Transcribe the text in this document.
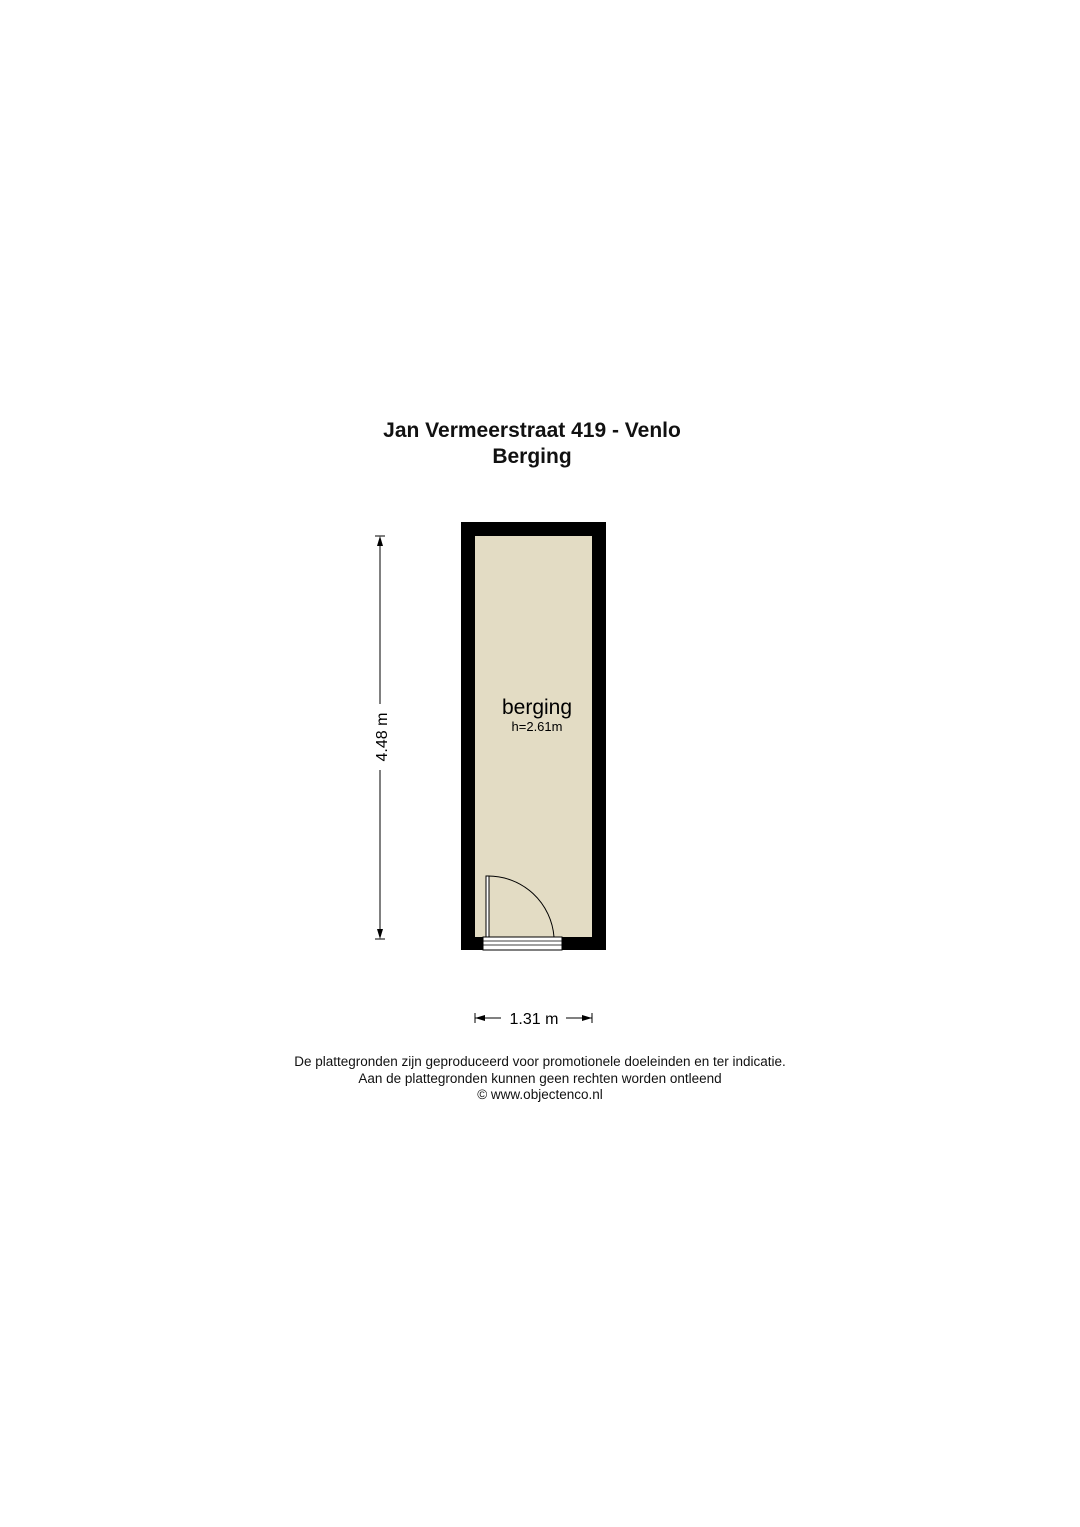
Jan Vermeerstraat 419 - Venlo
Berging
berging
h=2.61m
4.48 m
1.31 m
De plattegronden zijn geproduceerd voor promotionele doeleinden en ter indicatie.
Aan de plattegronden kunnen geen rechten worden ontleend
© www.objectenco.nl
